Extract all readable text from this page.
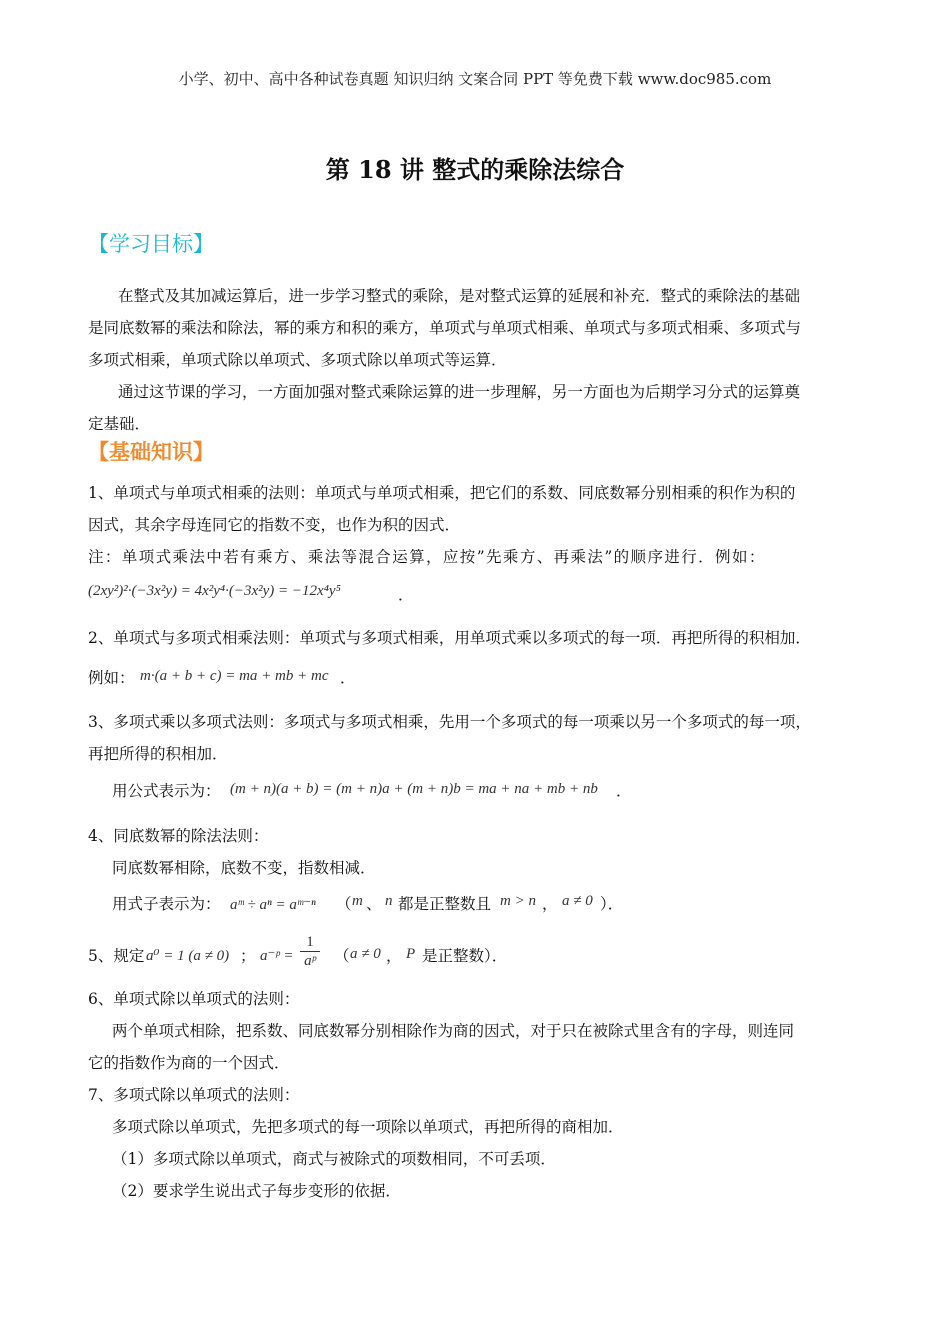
小学、初中、高中各种试卷真题 知识归纳 文案合同 PPT 等免费下载 www.doc985.com
第 18 讲 整式的乘除法综合
【学习目标】
在整式及其加减运算后，进一步学习整式的乘除，是对整式运算的延展和补充．整式的乘除法的基础
是同底数幂的乘法和除法，幂的乘方和积的乘方，单项式与单项式相乘、单项式与多项式相乘、多项式与
多项式相乘，单项式除以单项式、多项式除以单项式等运算．
通过这节课的学习，一方面加强对整式乘除运算的进一步理解，另一方面也为后期学习分式的运算奠
定基础．
【基础知识】
1、单项式与单项式相乘的法则：单项式与单项式相乘，把它们的系数、同底数幂分别相乘的积作为积的
因式，其余字母连同它的指数不变，也作为积的因式．
注：单项式乘法中若有乘方、乘法等混合运算，应按”先乘方、再乘法”的顺序进行．例如：
(2xy²)²·(−3x²y) = 4x²y⁴·(−3x²y) = −12x⁴y⁵	．
2、单项式与多项式相乘法则：单项式与多项式相乘，用单项式乘以多项式的每一项．再把所得的积相加．
例如： m·(a + b + c) = ma + mb + mc ．
3、多项式乘以多项式法则：多项式与多项式相乘，先用一个多项式的每一项乘以另一个多项式的每一项，
再把所得的积相加．
用公式表示为： (m + n)(a + b) = (m + n)a + (m + n)b = ma + na + mb + nb ．
4、同底数幂的除法法则：
同底数幂相除，底数不变，指数相减．
用式子表示为： aᵐ ÷ aⁿ = aᵐ⁻ⁿ （ m 、 n 都是正整数且 m > n ， a ≠ 0 ）．
5、规定 a⁰ = 1 (a ≠ 0) ； a⁻ᵖ =
1
aᵖ （ a ≠ 0 ， P 是正整数）．
6、单项式除以单项式的法则：
两个单项式相除，把系数、同底数幂分别相除作为商的因式，对于只在被除式里含有的字母，则连同
它的指数作为商的一个因式．
7、多项式除以单项式的法则：
多项式除以单项式，先把多项式的每一项除以单项式，再把所得的商相加．
（1）多项式除以单项式，商式与被除式的项数相同，不可丢项．
（2）要求学生说出式子每步变形的依据．
